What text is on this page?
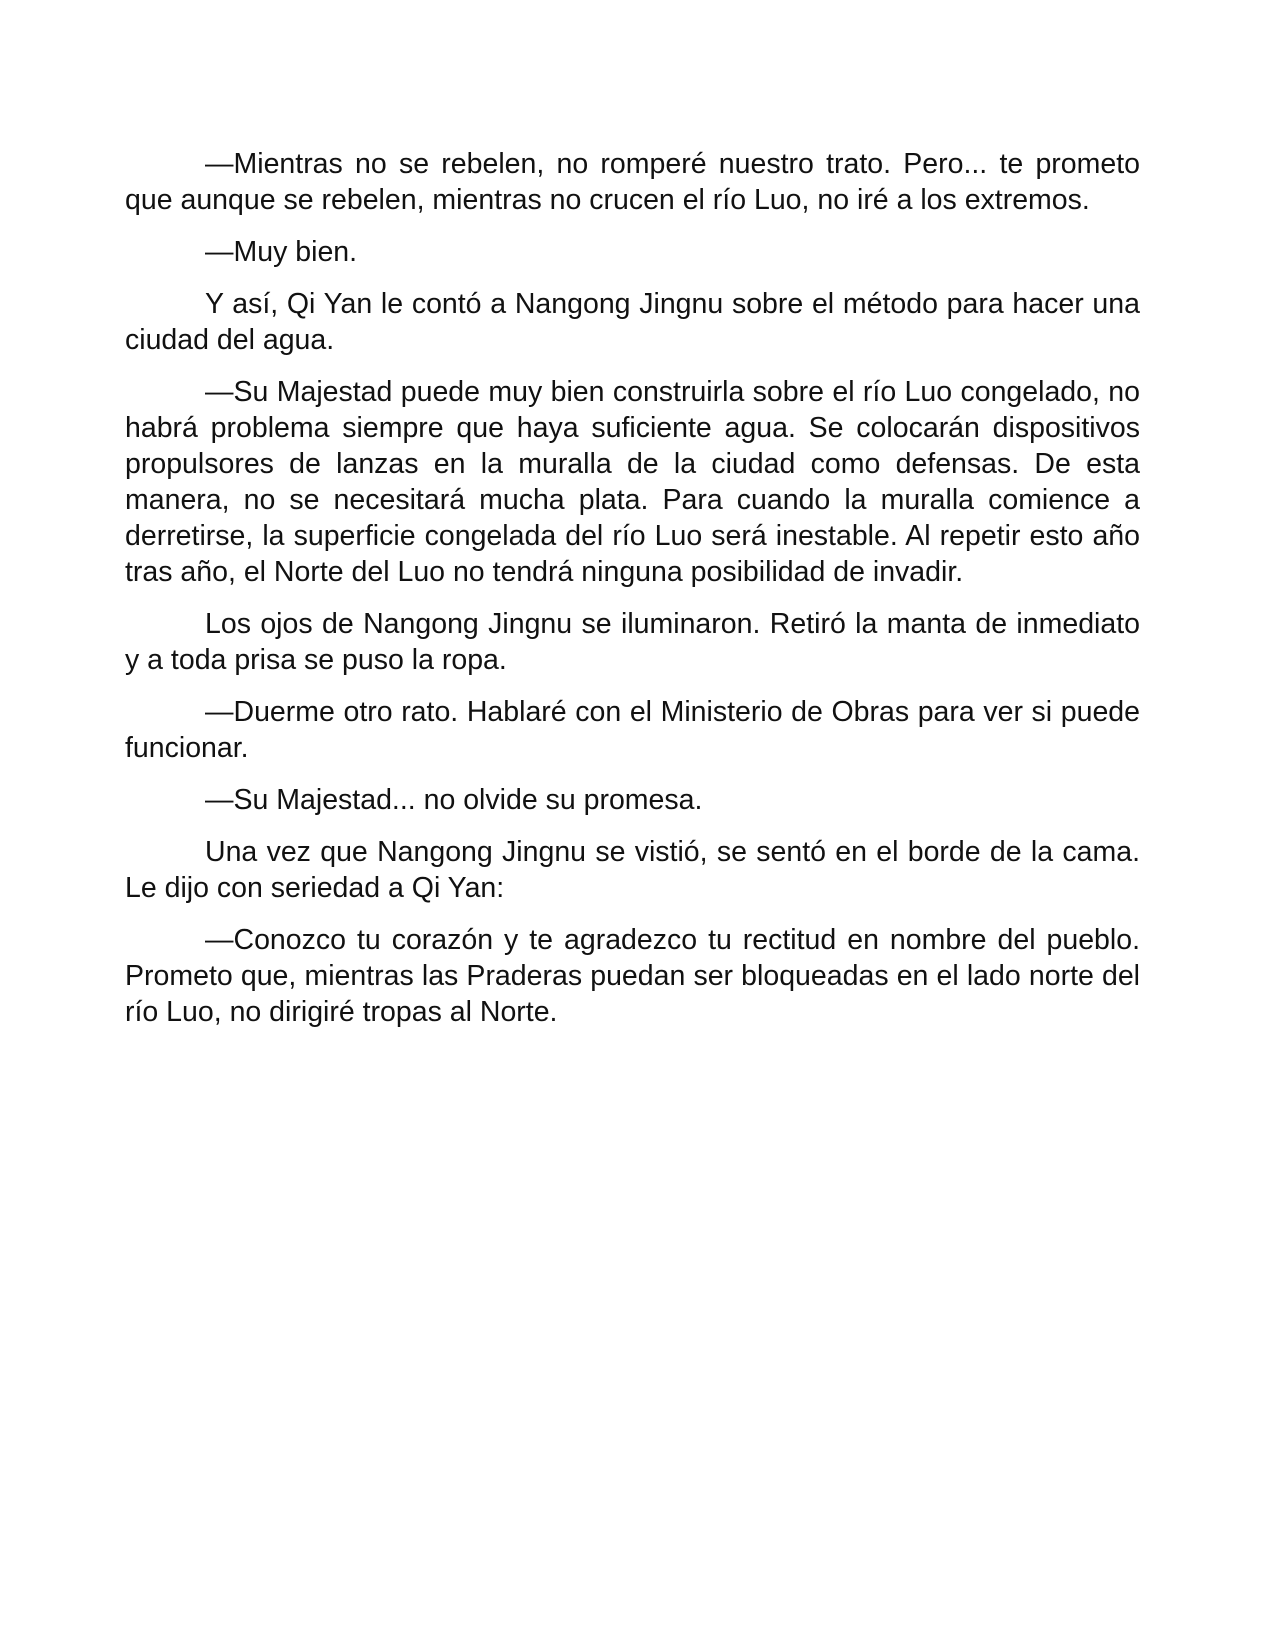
—Mientras no se rebelen, no romperé nuestro trato. Pero... te prometo que aunque se rebelen, mientras no crucen el río Luo, no iré a los extremos.

—Muy bien.

Y así, Qi Yan le contó a Nangong Jingnu sobre el método para hacer una ciudad del agua.

—Su Majestad puede muy bien construirla sobre el río Luo congelado, no habrá problema siempre que haya suficiente agua. Se colocarán dispositivos propulsores de lanzas en la muralla de la ciudad como defensas. De esta manera, no se necesitará mucha plata. Para cuando la muralla comience a derretirse, la superficie congelada del río Luo será inestable. Al repetir esto año tras año, el Norte del Luo no tendrá ninguna posibilidad de invadir.

Los ojos de Nangong Jingnu se iluminaron. Retiró la manta de inmediato y a toda prisa se puso la ropa.

—Duerme otro rato. Hablaré con el Ministerio de Obras para ver si puede funcionar.

—Su Majestad... no olvide su promesa.

Una vez que Nangong Jingnu se vistió, se sentó en el borde de la cama. Le dijo con seriedad a Qi Yan:

—Conozco tu corazón y te agradezco tu rectitud en nombre del pueblo. Prometo que, mientras las Praderas puedan ser bloqueadas en el lado norte del río Luo, no dirigiré tropas al Norte.
